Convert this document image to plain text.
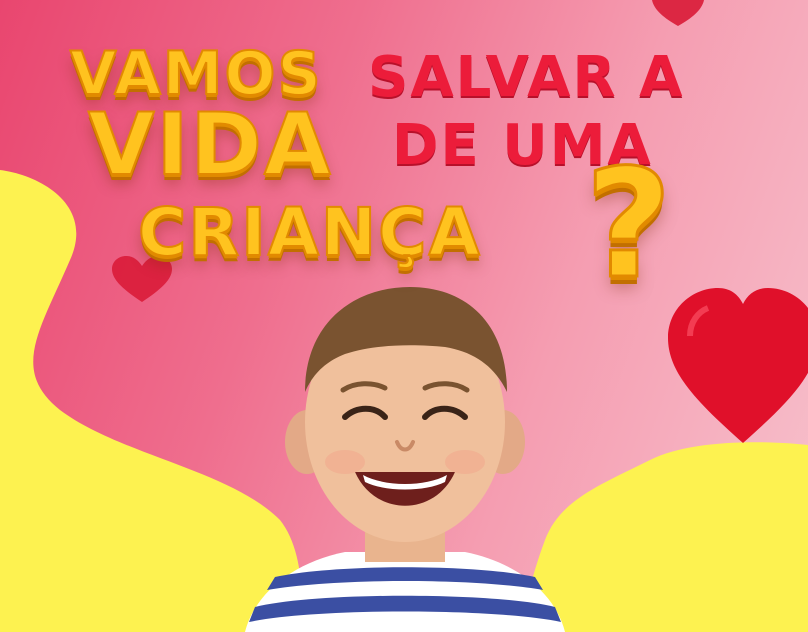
VAMOS SALVAR A
VIDA DE UMA
CRIANÇA ?
